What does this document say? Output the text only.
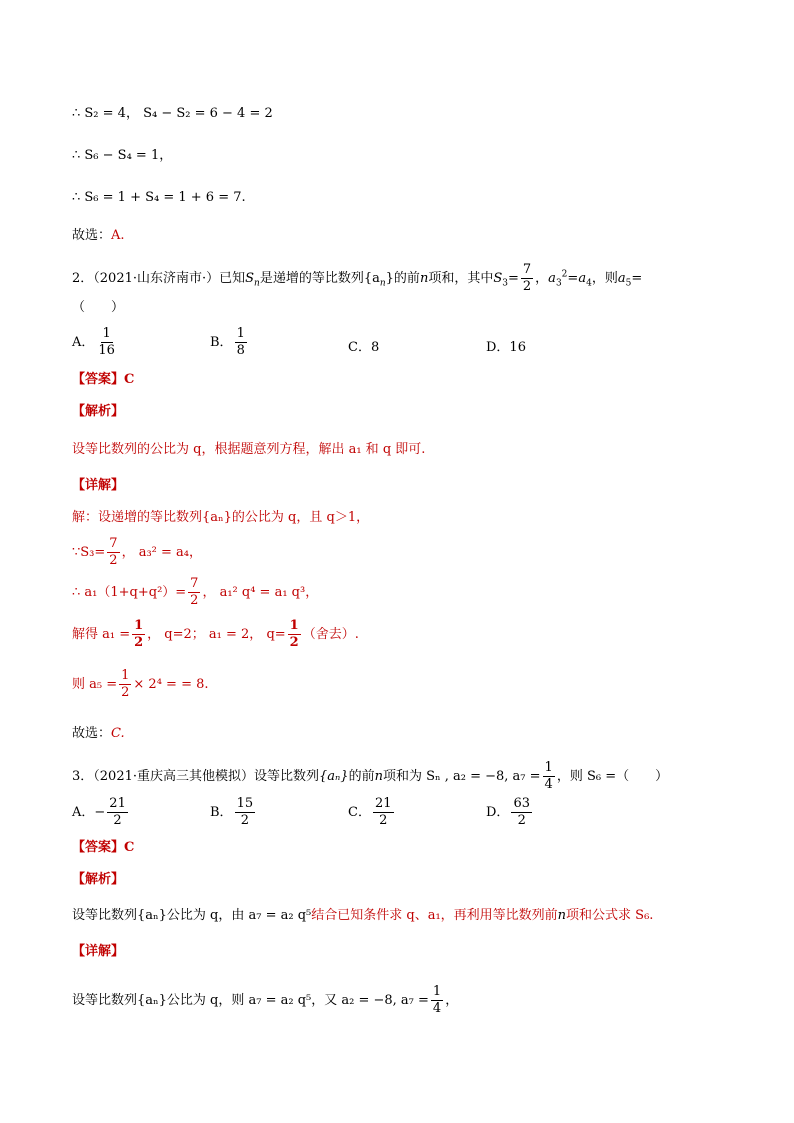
∴ S₂ = 4， S₄ − S₂ = 6 − 4 = 2
∴ S₆ − S₄ = 1，
∴ S₆ = 1 + S₄ = 1 + 6 = 7.
故选：A.
2．（2021·山东济南市·）已知$S_n$是递增的等比数列$\{a_n\}$的前n项和，其中$S_3= \frac{7}{2}$ ，$a_3^2=a_4$，则$a_5=$
（　　）
A． $\frac{1}{16}$	B． $\frac{1}{8}$	C．8	D．16
【答案】C
【解析】
设等比数列的公比为 q，根据题意列方程，解出 a₁ 和 q 即可.
【详解】
解：设递增的等比数列{aₙ}的公比为 q，且 q＞1，
∵S₃= $\frac{7}{2}$ ， a₃² = a₄，
∴ $a_1(1+q+q^2)= \frac{7}{2}$ ， a₁² q⁴ = a₁ q³，
解得 $a_1 = \frac{1}{2}$ ， q=2； a₁ = 2， $q= \frac{1}{2}$ （舍去）.
则 $a_5 = \frac{1}{2} \times 2^4$ = = 8.
故选：C.
3．（2021·重庆高三其他模拟）设等比数列{aₙ}的前n项和为 Sₙ , a₂ = −8, $a_7 = \frac{1}{4}$ ，则 S₆ =（　　）
A．− $\frac{21}{2}$	B． $\frac{15}{2}$	C． $\frac{21}{2}$	D． $\frac{63}{2}$
【答案】C
【解析】
设等比数列{aₙ}公比为 q，由 a₇ = a₂ q⁵结合已知条件求 q、a₁，再利用等比数列前n项和公式求 S₆.
【详解】
设等比数列{aₙ}公比为 q，则 a₇ = a₂ q⁵，又 a₂ = −8, $a_7 = \frac{1}{4}$ ，
